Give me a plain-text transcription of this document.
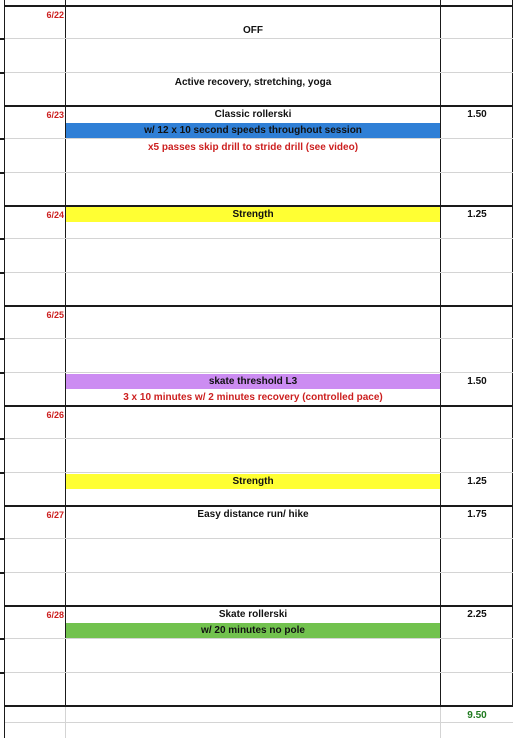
6/22
6/23
6/24
6/25
6/26
6/27
6/28
OFF
Active recovery, stretching, yoga
Classic rollerski
w/ 12 x 10 second speeds throughout session
x5 passes skip drill to stride drill (see video)
Strength
skate threshold L3
3 x 10 minutes w/ 2 minutes recovery (controlled pace)
Strength
Easy distance run/ hike
Skate rollerski
w/ 20 minutes no pole
1.50
1.25
1.50
1.25
1.75
2.25
9.50
